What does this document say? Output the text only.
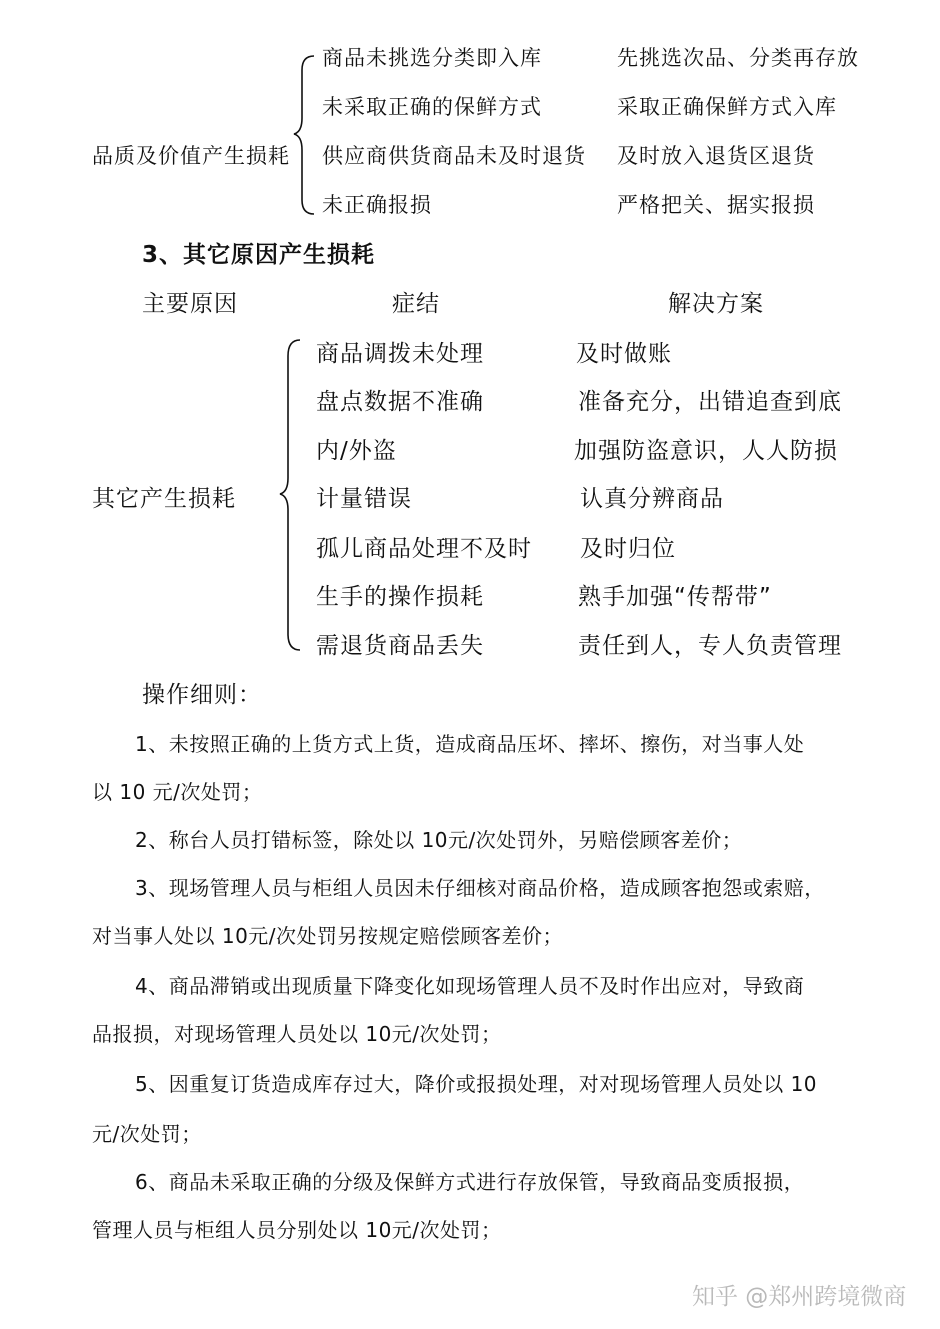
品质及价值产生损耗
商品未挑选分类即入库	先挑选次品、分类再存放
未采取正确的保鲜方式	采取正确保鲜方式入库
供应商供货商品未及时退货 及时放入退货区退货
未正确报损	严格把关、据实报损
3、其它原因产生损耗
主要原因	症结	解决方案
其它产生损耗
商品调拨未处理	及时做账
盘点数据不准确	准备充分，出错追查到底
内/外盗	加强防盗意识，人人防损
计量错误	认真分辨商品
孤儿商品处理不及时 及时归位
生手的操作损耗	熟手加强“传帮带”
需退货商品丢失	责任到人，专人负责管理
操作细则：
1、未按照正确的上货方式上货，造成商品压坏、摔坏、擦伤，对当事人处
以 10 元/次处罚；
2、称台人员打错标签，除处以 10元/次处罚外，另赔偿顾客差价；
3、现场管理人员与柜组人员因未仔细核对商品价格，造成顾客抱怨或索赔，
对当事人处以 10元/次处罚另按规定赔偿顾客差价；
4、商品滞销或出现质量下降变化如现场管理人员不及时作出应对，导致商
品报损，对现场管理人员处以 10元/次处罚；
5、因重复订货造成库存过大，降价或报损处理，对对现场管理人员处以 10
元/次处罚；
6、商品未采取正确的分级及保鲜方式进行存放保管，导致商品变质报损，
管理人员与柜组人员分别处以 10元/次处罚；
知乎 @郑州跨境微商
